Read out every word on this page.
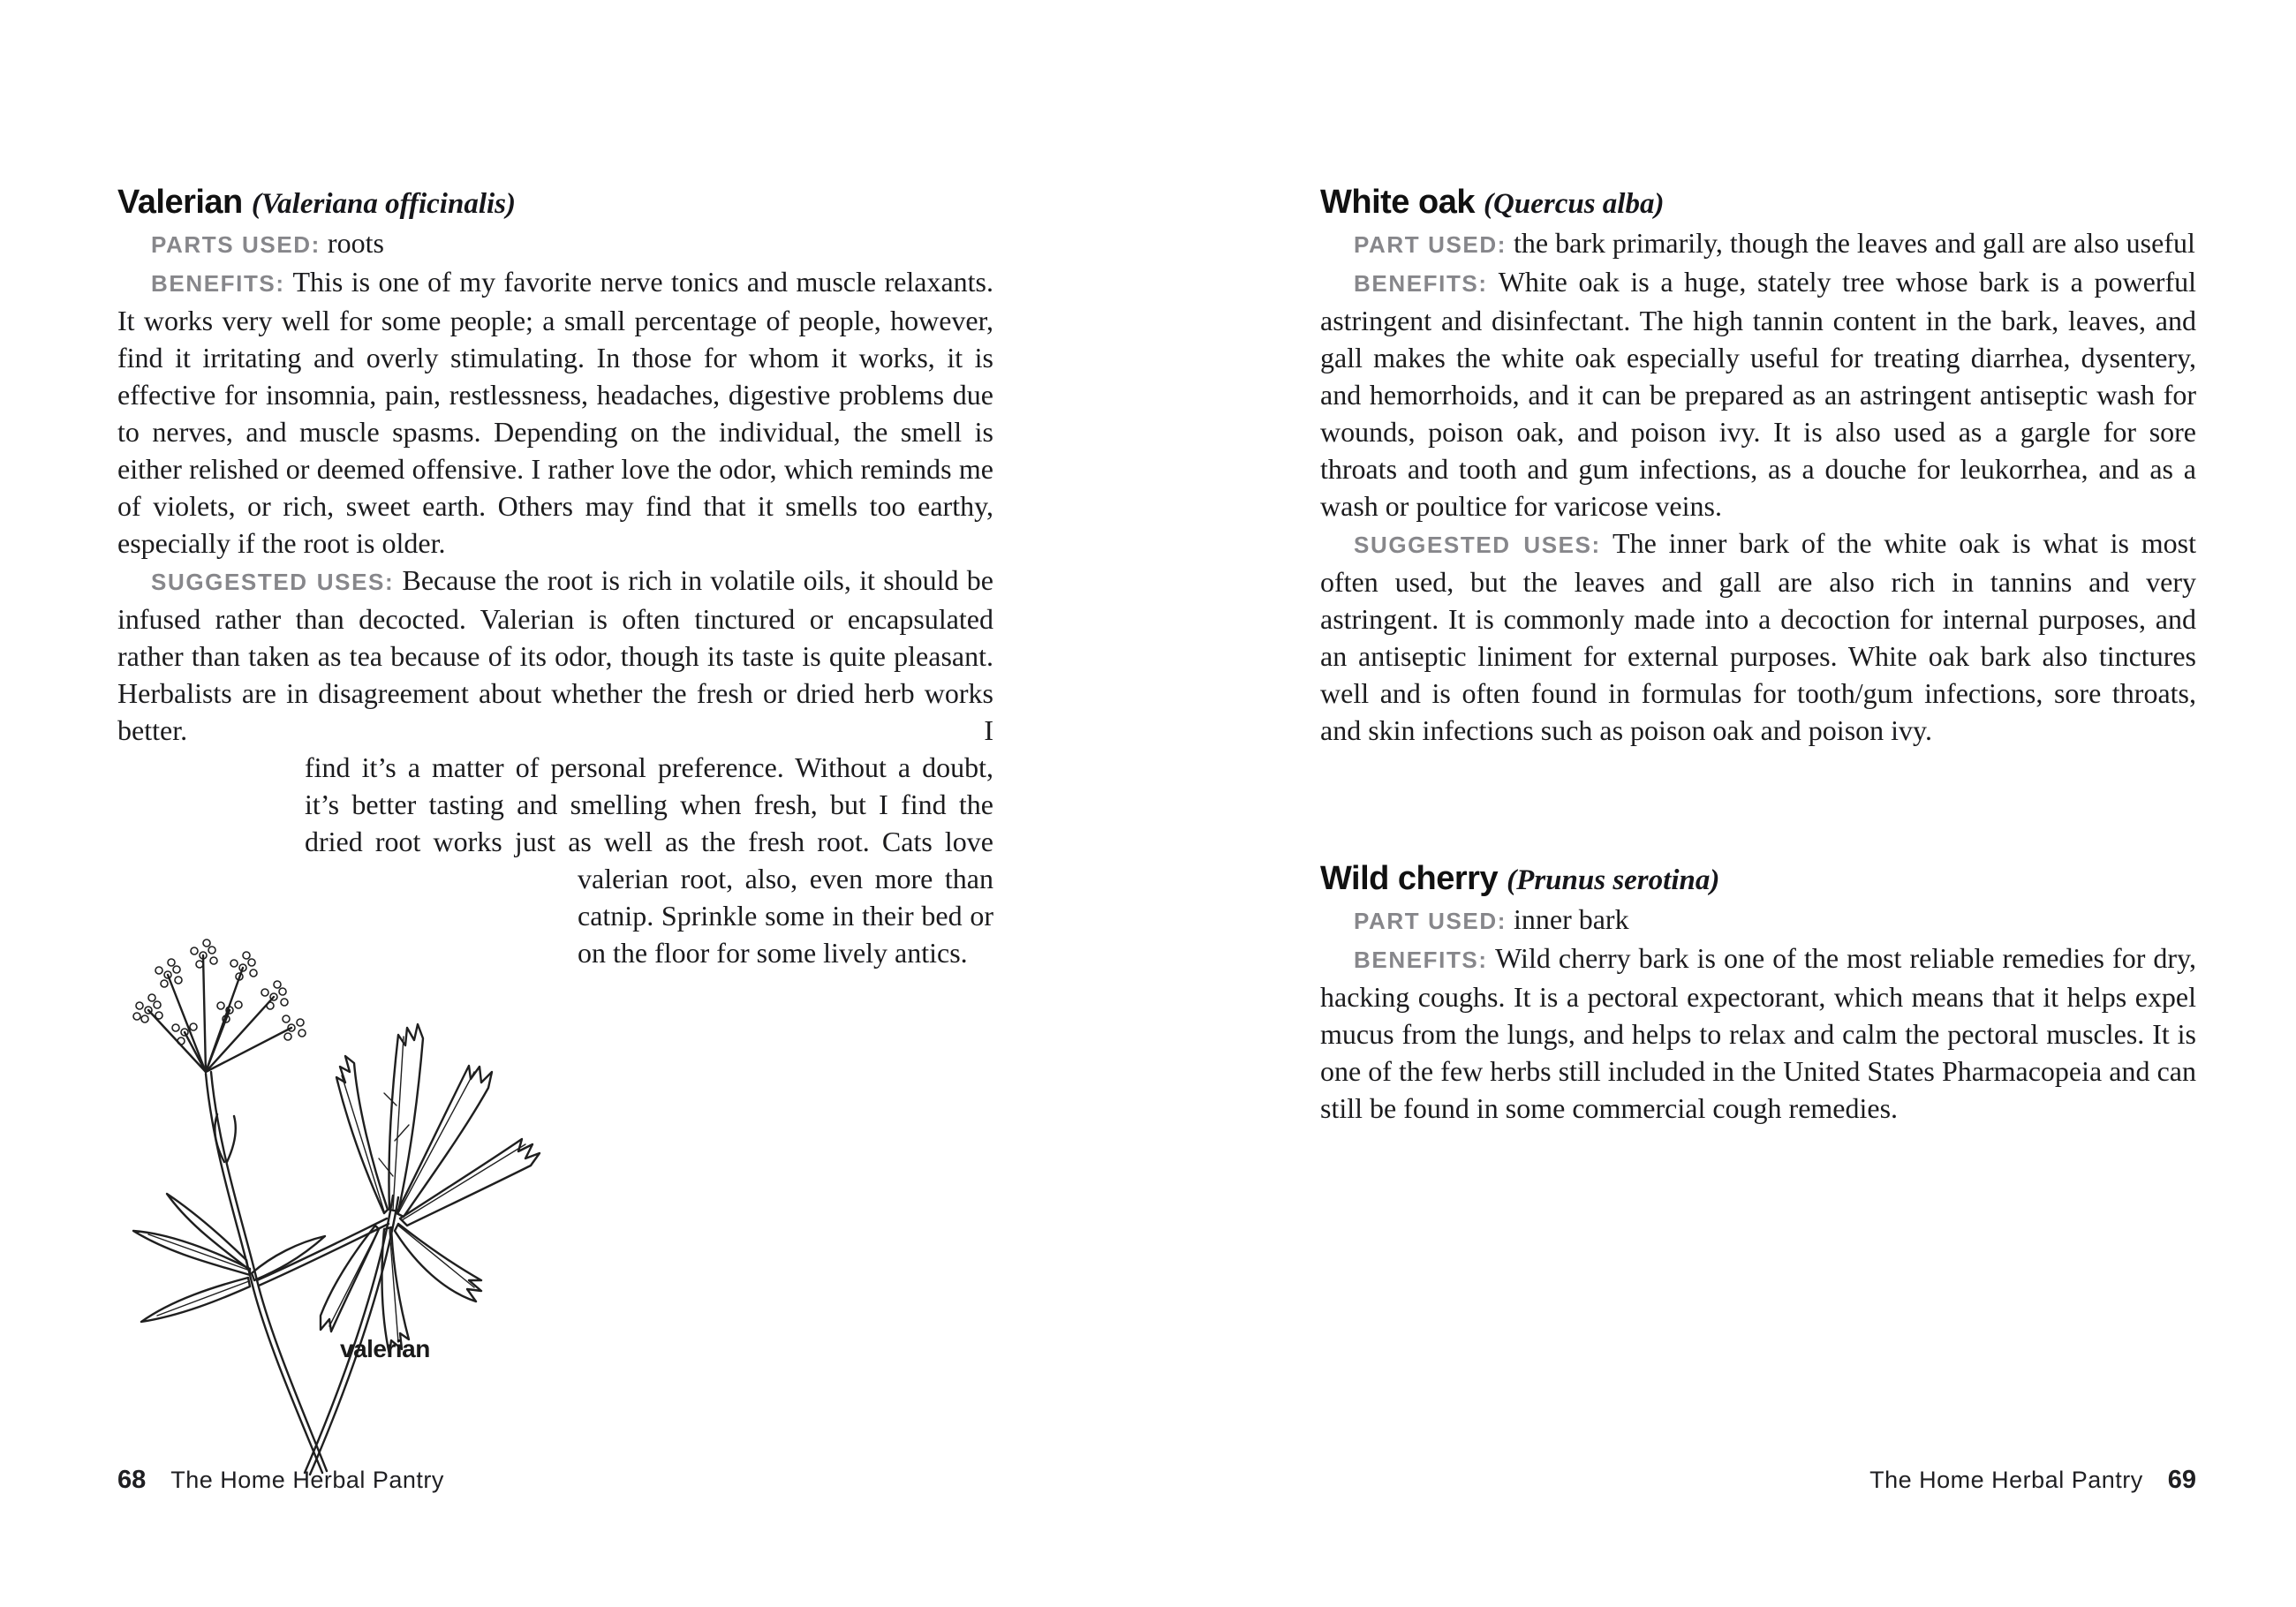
Valerian (Valeriana officinalis)

PARTS USED: roots

BENEFITS: This is one of my favorite nerve tonics and muscle relaxants. It works very well for some people; a small percentage of people, however, find it irritating and overly stimulating. In those for whom it works, it is effective for insomnia, pain, restlessness, headaches, digestive problems due to nerves, and muscle spasms. Depending on the individual, the smell is either relished or deemed offensive. I rather love the odor, which reminds me of violets, or rich, sweet earth. Others may find that it smells too earthy, especially if the root is older.

SUGGESTED USES: Because the root is rich in volatile oils, it should be infused rather than decocted. Valerian is often tinctured or encapsulated rather than taken as tea because of its odor, though its taste is quite pleasant. Herbalists are in disagreement about whether the fresh or dried herb works better. I

find it’s a matter of personal preference. Without a doubt, it’s better tasting and smelling when fresh, but I find the dried root works just as well as the fresh root. Cats love valerian root, also, even more than catnip. Sprinkle some in their bed or on the floor for some lively antics.

valerian
68 The Home Herbal Pantry
White oak (Quercus alba)

PART USED: the bark primarily, though the leaves and gall are also useful

BENEFITS: White oak is a huge, stately tree whose bark is a powerful astringent and disinfectant. The high tannin content in the bark, leaves, and gall makes the white oak especially useful for treating diarrhea, dysentery, and hemorrhoids, and it can be prepared as an astringent antiseptic wash for wounds, poison oak, and poison ivy. It is also used as a gargle for sore throats and tooth and gum infections, as a douche for leukorrhea, and as a wash or poultice for varicose veins.

SUGGESTED USES: The inner bark of the white oak is what is most often used, but the leaves and gall are also rich in tannins and very astringent. It is commonly made into a decoction for internal purposes, and an antiseptic liniment for external purposes. White oak bark also tinctures well and is often found in formulas for tooth/gum infections, sore throats, and skin infections such as poison oak and poison ivy.

Wild cherry (Prunus serotina)

PART USED: inner bark

BENEFITS: Wild cherry bark is one of the most reliable remedies for dry, hacking coughs. It is a pectoral expectorant, which means that it helps expel mucus from the lungs, and helps to relax and calm the pectoral muscles. It is one of the few herbs still included in the United States Pharmacopeia and can still be found in some commercial cough remedies.

The Home Herbal Pantry 69
